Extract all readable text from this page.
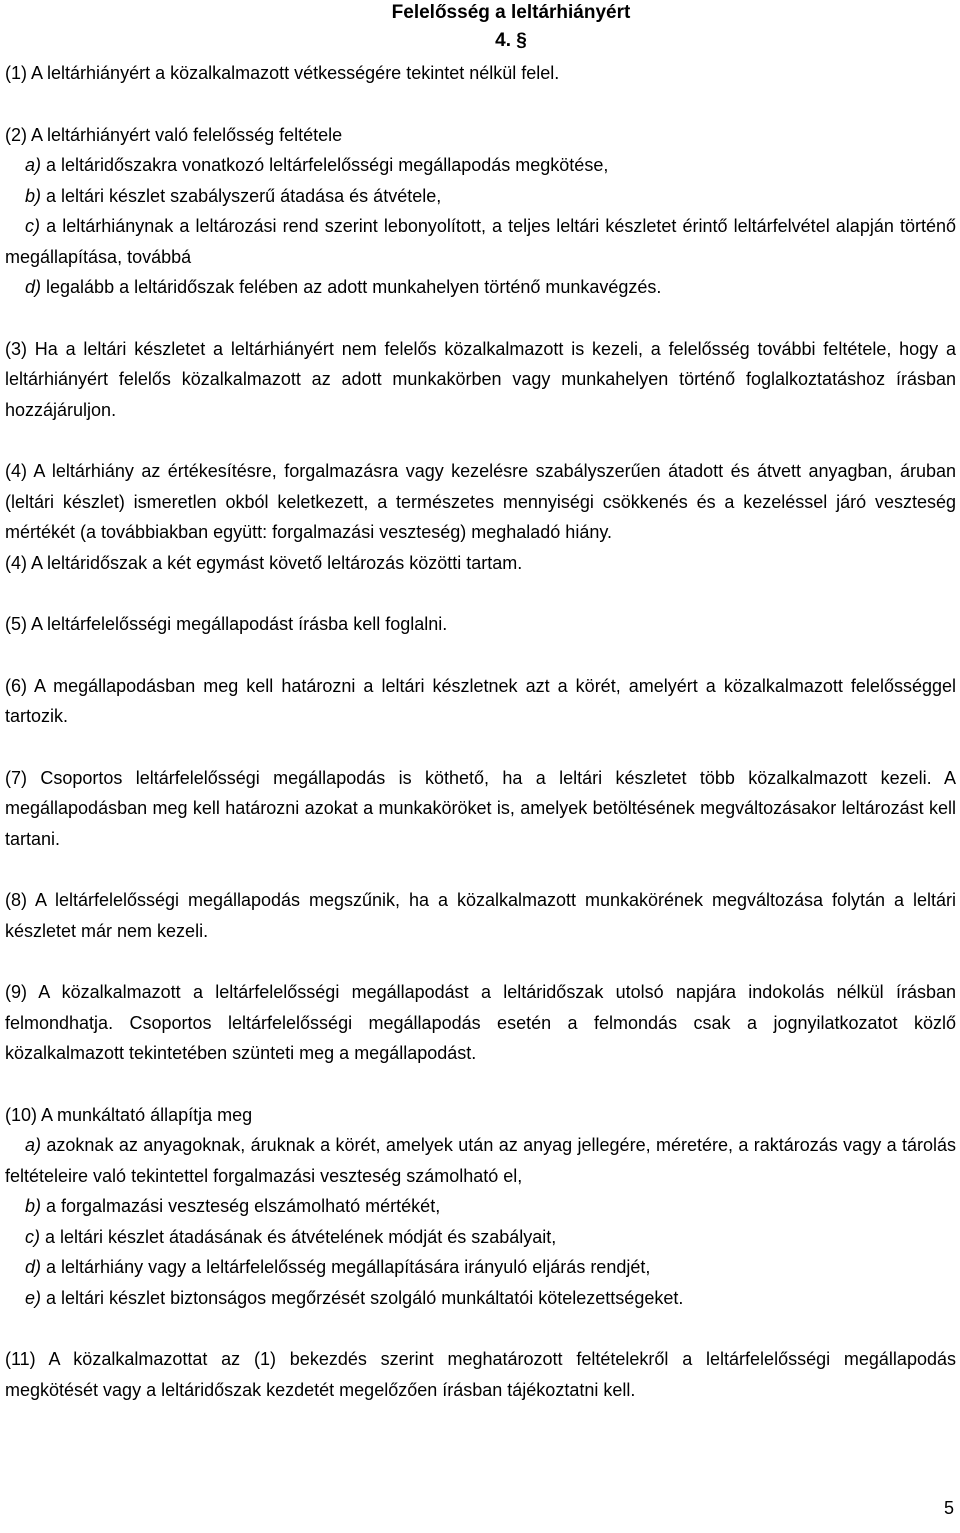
Felelősség a leltárhiányért
4. §

(1) A leltárhiányért a közalkalmazott vétkességére tekintet nélkül felel.

(2) A leltárhiányért való felelősség feltétele

a) a leltáridőszakra vonatkozó leltárfelelősségi megállapodás megkötése,

b) a leltári készlet szabályszerű átadása és átvétele,

c) a leltárhiánynak a leltározási rend szerint lebonyolított, a teljes leltári készletet érintő leltárfelvétel alapján történő megállapítása, továbbá

d) legalább a leltáridőszak felében az adott munkahelyen történő munkavégzés.

(3) Ha a leltári készletet a leltárhiányért nem felelős közalkalmazott is kezeli, a felelősség további feltétele, hogy a leltárhiányért felelős közalkalmazott az adott munkakörben vagy munkahelyen történő foglalkoztatáshoz írásban hozzájáruljon.

(4) A leltárhiány az értékesítésre, forgalmazásra vagy kezelésre szabályszerűen átadott és átvett anyagban, áruban (leltári készlet) ismeretlen okból keletkezett, a természetes mennyiségi csökkenés és a kezeléssel járó veszteség mértékét (a továbbiakban együtt: forgalmazási veszteség) meghaladó hiány.

(4) A leltáridőszak a két egymást követő leltározás közötti tartam.

(5) A leltárfelelősségi megállapodást írásba kell foglalni.

(6) A megállapodásban meg kell határozni a leltári készletnek azt a körét, amelyért a közalkalmazott felelősséggel tartozik.

(7) Csoportos leltárfelelősségi megállapodás is köthető, ha a leltári készletet több közalkalmazott kezeli. A megállapodásban meg kell határozni azokat a munkaköröket is, amelyek betöltésének megváltozásakor leltározást kell tartani.

(8) A leltárfelelősségi megállapodás megszűnik, ha a közalkalmazott munkakörének megváltozása folytán a leltári készletet már nem kezeli.

(9) A közalkalmazott a leltárfelelősségi megállapodást a leltáridőszak utolsó napjára indokolás nélkül írásban felmondhatja. Csoportos leltárfelelősségi megállapodás esetén a felmondás csak a jognyilatkozatot közlő közalkalmazott tekintetében szünteti meg a megállapodást.

(10) A munkáltató állapítja meg

a) azoknak az anyagoknak, áruknak a körét, amelyek után az anyag jellegére, méretére, a raktározás vagy a tárolás feltételeire való tekintettel forgalmazási veszteség számolható el,

b) a forgalmazási veszteség elszámolható mértékét,

c) a leltári készlet átadásának és átvételének módját és szabályait,

d) a leltárhiány vagy a leltárfelelősség megállapítására irányuló eljárás rendjét,

e) a leltári készlet biztonságos megőrzését szolgáló munkáltatói kötelezettségeket.

(11) A közalkalmazottat az (1) bekezdés szerint meghatározott feltételekről a leltárfelelősségi megállapodás megkötését vagy a leltáridőszak kezdetét megelőzően írásban tájékoztatni kell.

5
